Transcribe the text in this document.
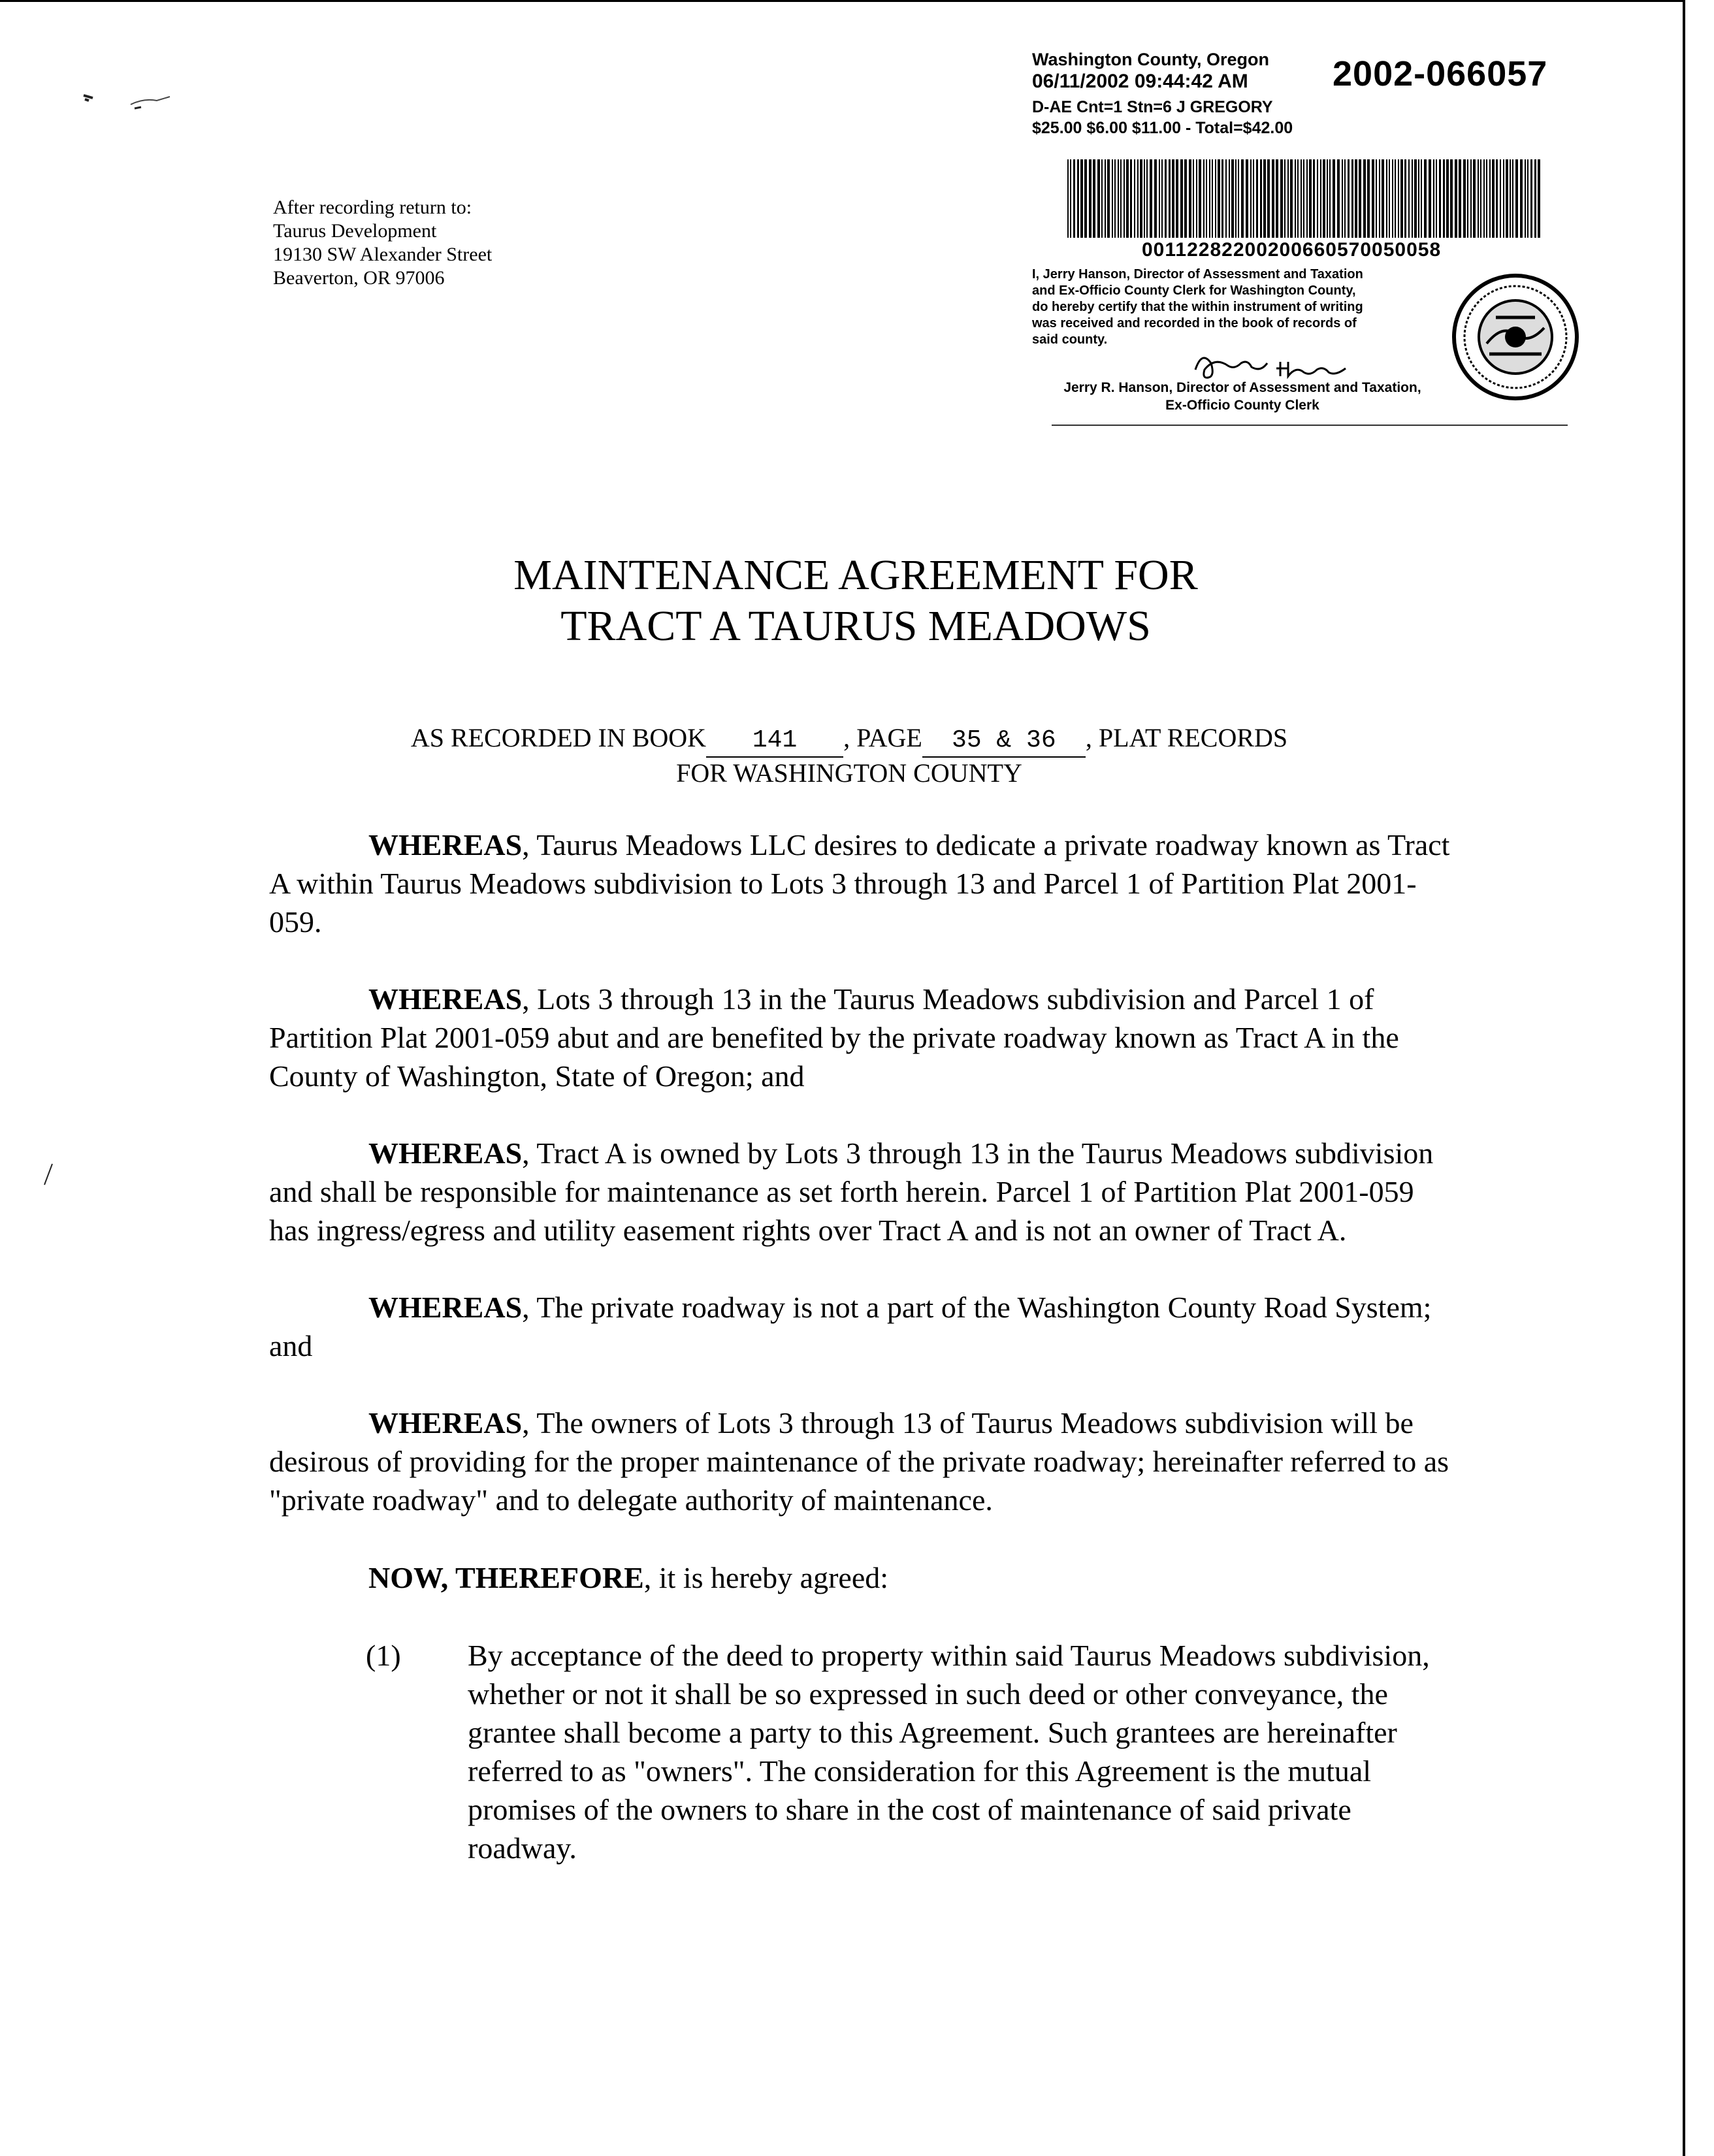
After recording return to:
Taurus Development
19130 SW Alexander Street
Beaverton, OR 97006
Washington County, Oregon 2002-066057
06/11/2002 09:44:42 AM
D-AE Cnt=1 Stn=6 J GREGORY
$25.00 $6.00 $11.00 - Total=$42.00
00112282200200660570050058
I, Jerry Hanson, Director of Assessment and Taxation
and Ex-Officio County Clerk for Washington County,
do hereby certify that the within instrument of writing
was received and recorded in the book of records of
said county.
Jerry R. Hanson, Director of Assessment and Taxation,
Ex-Officio County Clerk
MAINTENANCE AGREEMENT FOR
TRACT A TAURUS MEADOWS
AS RECORDED IN BOOK 141 , PAGE 35 & 36 , PLAT RECORDS
FOR WASHINGTON COUNTY

WHEREAS, Taurus Meadows LLC desires to dedicate a private roadway known as Tract A within Taurus Meadows subdivision to Lots 3 through 13 and Parcel 1 of Partition Plat 2001-059.

WHEREAS, Lots 3 through 13 in the Taurus Meadows subdivision and Parcel 1 of Partition Plat 2001-059 abut and are benefited by the private roadway known as Tract A in the County of Washington, State of Oregon; and

WHEREAS, Tract A is owned by Lots 3 through 13 in the Taurus Meadows subdivision and shall be responsible for maintenance as set forth herein. Parcel 1 of Partition Plat 2001-059 has ingress/egress and utility easement rights over Tract A and is not an owner of Tract A.

WHEREAS, The private roadway is not a part of the Washington County Road System; and

WHEREAS, The owners of Lots 3 through 13 of Taurus Meadows subdivision will be desirous of providing for the proper maintenance of the private roadway; hereinafter referred to as "private roadway" and to delegate authority of maintenance.

NOW, THEREFORE, it is hereby agreed:

(1) By acceptance of the deed to property within said Taurus Meadows subdivision, whether or not it shall be so expressed in such deed or other conveyance, the grantee shall become a party to this Agreement. Such grantees are hereinafter referred to as "owners". The consideration for this Agreement is the mutual promises of the owners to share in the cost of maintenance of said private roadway.
